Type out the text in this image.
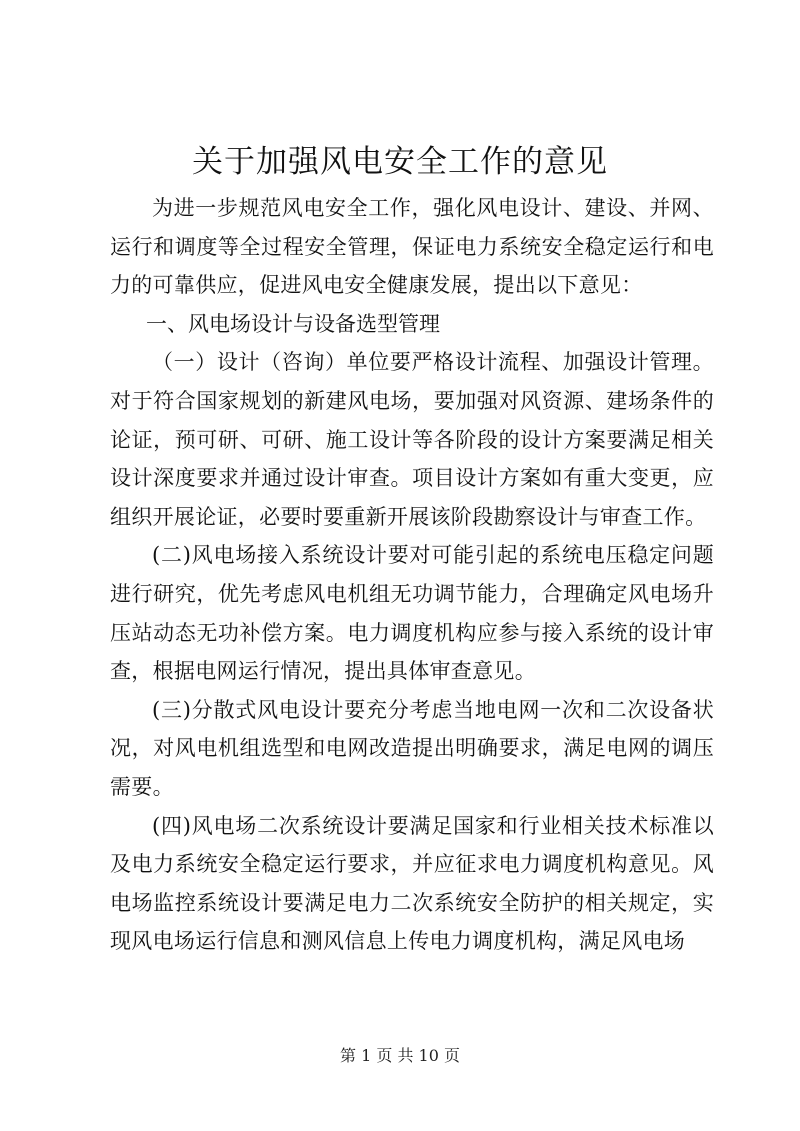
关于加强风电安全工作的意见

为进一步规范风电安全工作，强化风电设计、建设、并网、运行和调度等全过程安全管理，保证电力系统安全稳定运行和电力的可靠供应，促进风电安全健康发展，提出以下意见：

一、风电场设计与设备选型管理

（一）设计（咨询）单位要严格设计流程、加强设计管理。对于符合国家规划的新建风电场，要加强对风资源、建场条件的论证，预可研、可研、施工设计等各阶段的设计方案要满足相关设计深度要求并通过设计审查。项目设计方案如有重大变更，应组织开展论证，必要时要重新开展该阶段勘察设计与审查工作。

(二)风电场接入系统设计要对可能引起的系统电压稳定问题进行研究，优先考虑风电机组无功调节能力，合理确定风电场升压站动态无功补偿方案。电力调度机构应参与接入系统的设计审查，根据电网运行情况，提出具体审查意见。

(三)分散式风电设计要充分考虑当地电网一次和二次设备状况，对风电机组选型和电网改造提出明确要求，满足电网的调压需要。

(四)风电场二次系统设计要满足国家和行业相关技术标准以及电力系统安全稳定运行要求，并应征求电力调度机构意见。风电场监控系统设计要满足电力二次系统安全防护的相关规定，实现风电场运行信息和测风信息上传电力调度机构，满足风电场

第 1 页 共 10 页
